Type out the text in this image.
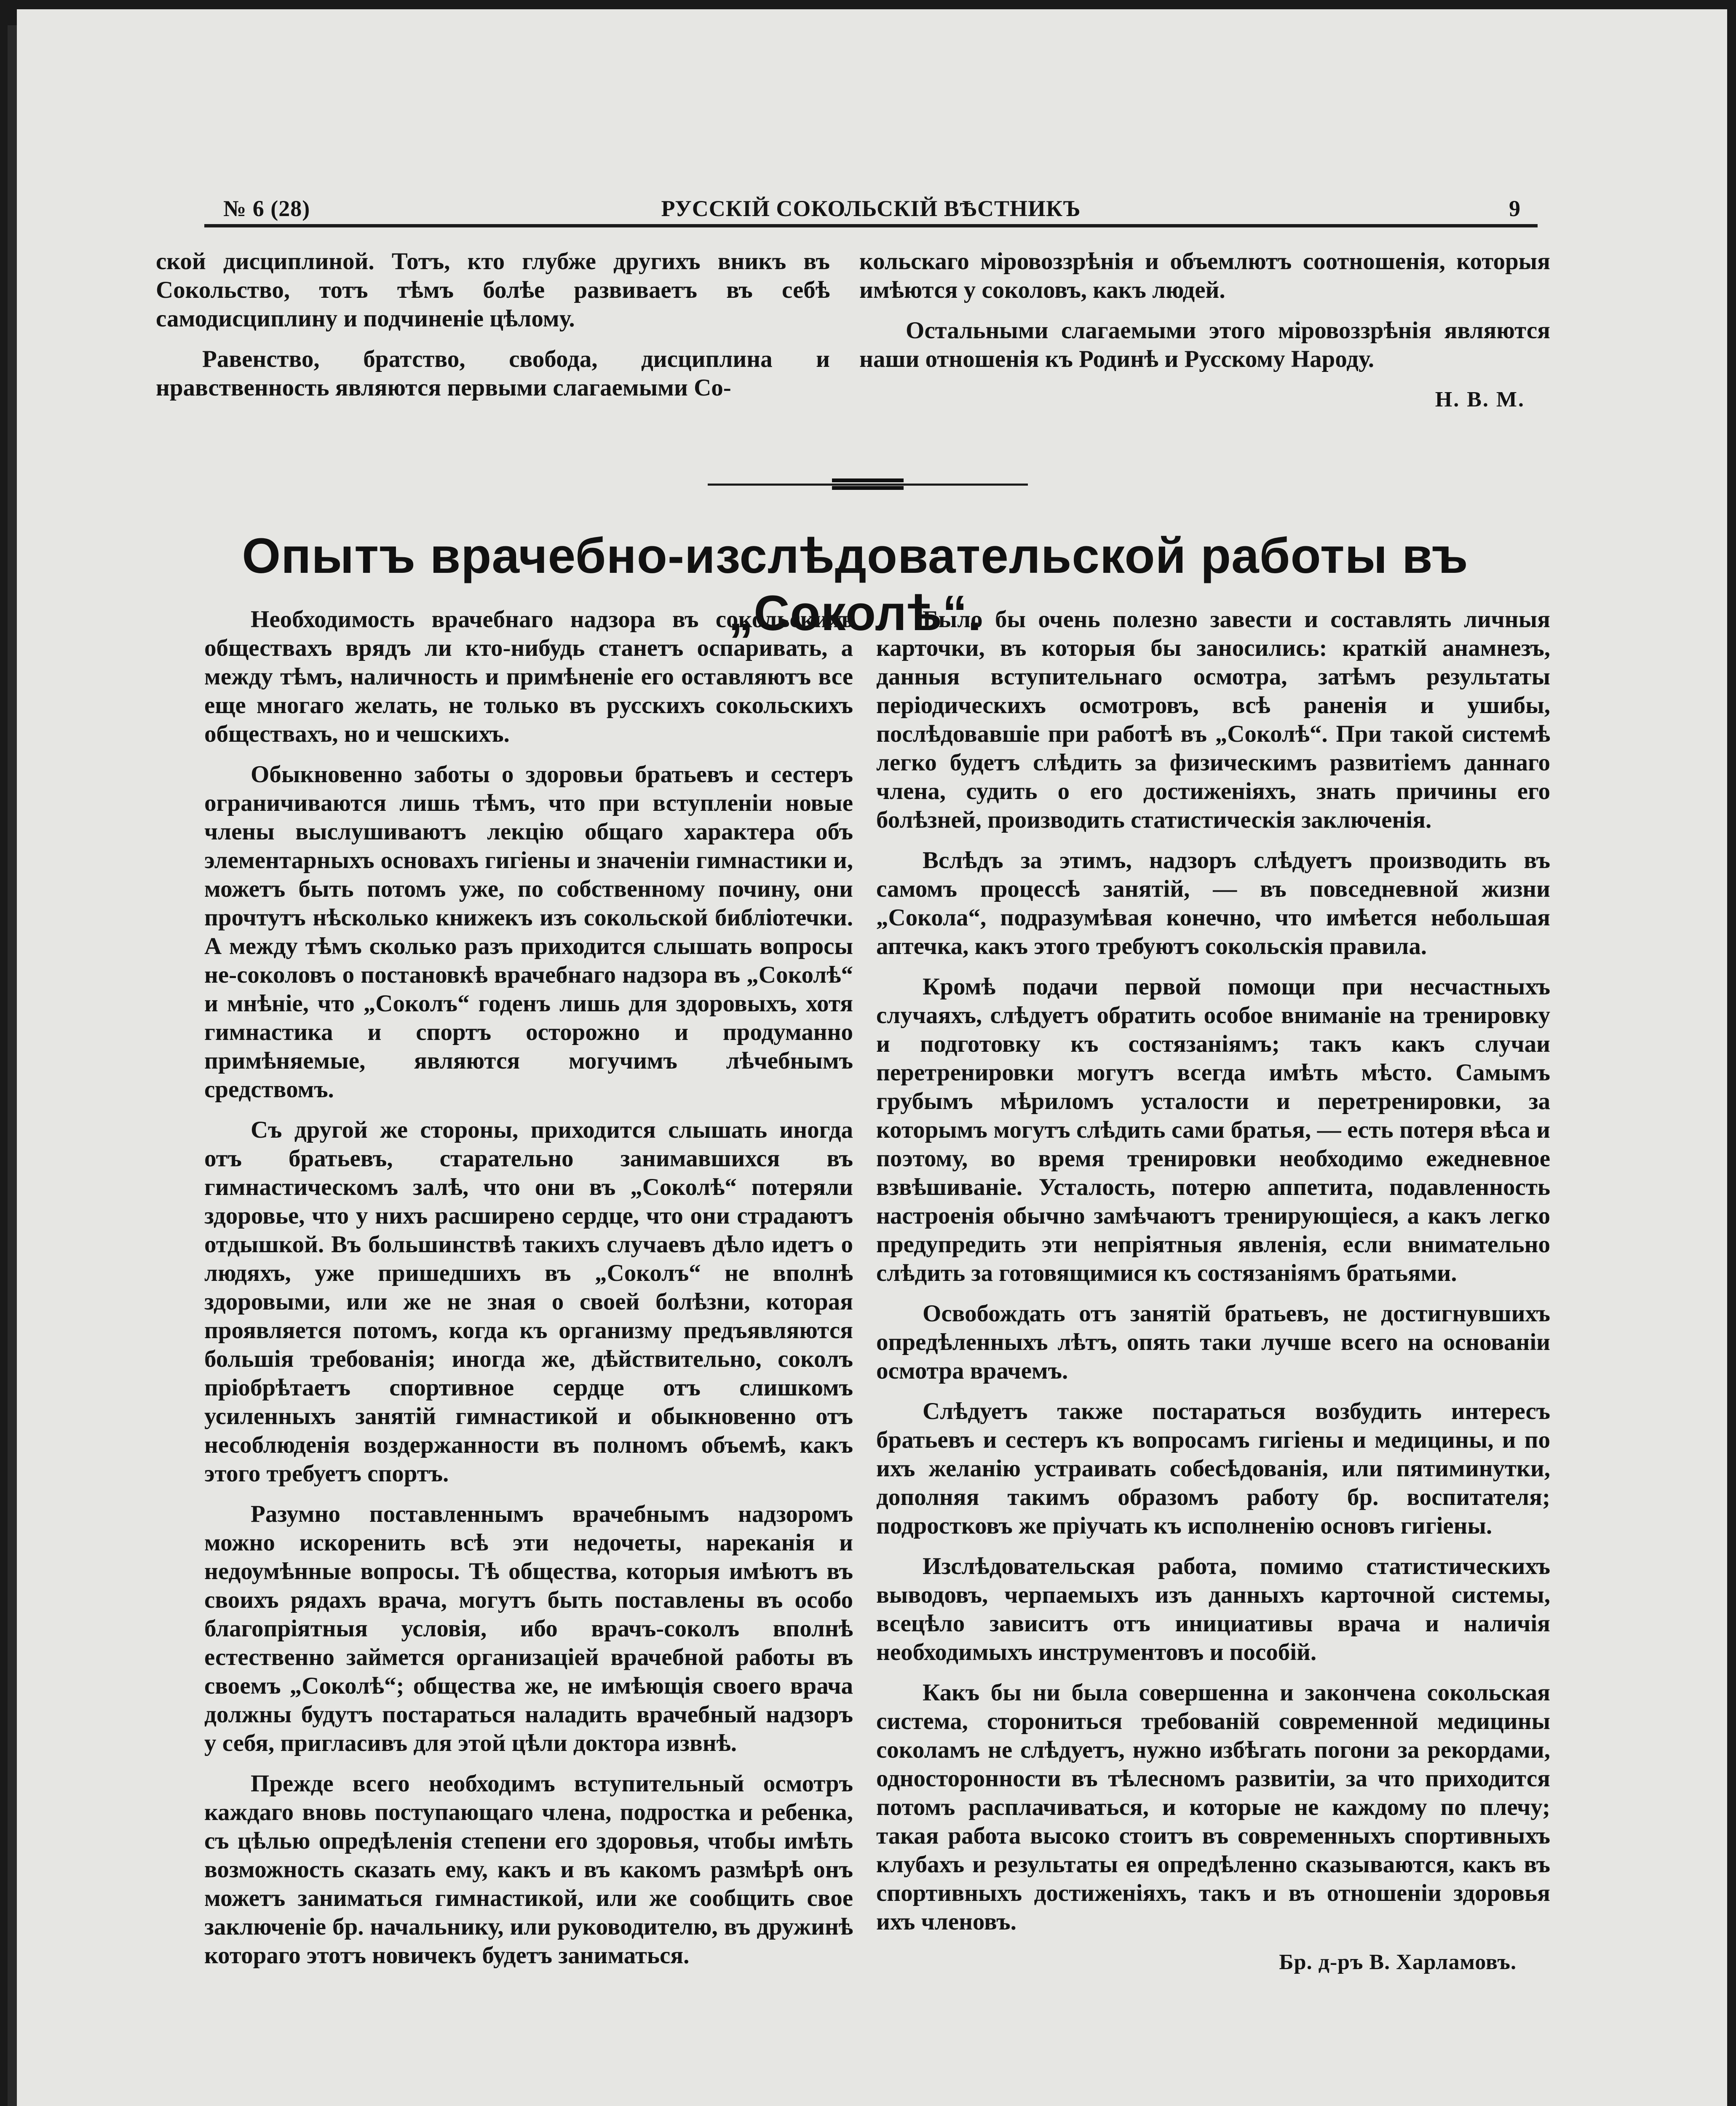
№ 6 (28)	РУССКIЙ СОКОЛЬСКIЙ ВѢСТНИКЪ	9

ской дисциплиной. Тотъ, кто глубже другихъ вникъ въ Сокольство, тотъ тѣмъ болѣе развиваетъ въ себѣ самодисциплину и подчиненiе цѣлому.

Равенство, братство, свобода, дисциплина и нравственность являются первыми слагаемыми Со-

кольскаго мiровоззрѣнiя и объемлютъ соотношенiя, которыя имѣются у соколовъ, какъ людей.

Остальными слагаемыми этого мiровоззрѣнiя являются наши отношенiя къ Родинѣ и Русскому Народу.

Н. В. М.
Опытъ врачебно-изслѣдовательской работы въ „Соколѣ“.

Необходимость врачебнаго надзора въ сокольскихъ обществахъ врядъ ли кто-нибудь станетъ оспаривать, а между тѣмъ, наличность и примѣненiе его оставляютъ все еще многаго желать, не только въ русскихъ сокольскихъ обществахъ, но и чешскихъ.

Обыкновенно заботы о здоровьи братьевъ и сестеръ ограничиваются лишь тѣмъ, что при вступленiи новые члены выслушиваютъ лекцiю общаго характера объ элементарныхъ основахъ гигiены и значенiи гимнастики и, можетъ быть потомъ уже, по собственному почину, они прочтутъ нѣсколько книжекъ изъ сокольской библiотечки. А между тѣмъ сколько разъ приходится слышать вопросы не-соколовъ о постановкѣ врачебнаго надзора въ „Соколѣ“ и мнѣнiе, что „Соколъ“ годенъ лишь для здоровыхъ, хотя гимнастика и спортъ осторожно и продуманно примѣняемые, являются могучимъ лѣчебнымъ средствомъ.

Съ другой же стороны, приходится слышать иногда отъ братьевъ, старательно занимавшихся въ гимнастическомъ залѣ, что они въ „Соколѣ“ потеряли здоровье, что у нихъ расширено сердце, что они страдаютъ отдышкой. Въ большинствѣ такихъ случаевъ дѣло идетъ о людяхъ, уже пришедшихъ въ „Соколъ“ не вполнѣ здоровыми, или же не зная о своей болѣзни, которая проявляется потомъ, когда къ организму предъявляются большiя требованiя; иногда же, дѣйствительно, соколъ прiобрѣтаетъ спортивное сердце отъ слишкомъ усиленныхъ занятiй гимнастикой и обыкновенно отъ несоблюденiя воздержанности въ полномъ объемѣ, какъ этого требуетъ спортъ.

Разумно поставленнымъ врачебнымъ надзоромъ можно искоренить всѣ эти недочеты, нареканiя и недоумѣнные вопросы. Тѣ общества, которыя имѣютъ въ своихъ рядахъ врача, могутъ быть поставлены въ особо благопрiятныя условiя, ибо врачъ-соколъ вполнѣ естественно займется организацiей врачебной работы въ своемъ „Соколѣ“; общества же, не имѣющiя своего врача должны будутъ постараться наладить врачебный надзоръ у себя, пригласивъ для этой цѣли доктора извнѣ.

Прежде всего необходимъ вступительный осмотръ каждаго вновь поступающаго члена, подростка и ребенка, съ цѣлью опредѣленiя степени его здоровья, чтобы имѣть возможность сказать ему, какъ и въ какомъ размѣрѣ онъ можетъ заниматься гимнастикой, или же сообщить свое заключенiе бр. начальнику, или руководителю, въ дружинѣ котораго этотъ новичекъ будетъ заниматься.

Было бы очень полезно завести и составлять личныя карточки, въ которыя бы заносились: краткiй анамнезъ, данныя вступительнаго осмотра, затѣмъ результаты перiодическихъ осмотровъ, всѣ раненiя и ушибы, послѣдовавшiе при работѣ въ „Соколѣ“. При такой системѣ легко будетъ слѣдить за физическимъ развитiемъ даннаго члена, судить о его достиженiяхъ, знать причины его болѣзней, производить статистическiя заключенiя.

Вслѣдъ за этимъ, надзоръ слѣдуетъ производить въ самомъ процессѣ занятiй, — въ повседневной жизни „Сокола“, подразумѣвая конечно, что имѣется небольшая аптечка, какъ этого требуютъ сокольскiя правила.

Кромѣ подачи первой помощи при несчастныхъ случаяхъ, слѣдуетъ обратить особое вниманiе на тренировку и подготовку къ состязанiямъ; такъ какъ случаи перетренировки могутъ всегда имѣть мѣсто. Самымъ грубымъ мѣриломъ усталости и перетренировки, за которымъ могутъ слѣдить сами братья, — есть потеря вѣса и поэтому, во время тренировки необходимо ежедневное взвѣшиванiе. Усталость, потерю аппетита, подавленность настроенiя обычно замѣчаютъ тренирующiеся, а какъ легко предупредить эти непрiятныя явленiя, если внимательно слѣдить за готовящимися къ состязанiямъ братьями.

Освобождать отъ занятiй братьевъ, не достигнувшихъ опредѣленныхъ лѣтъ, опять таки лучше всего на основанiи осмотра врачемъ.

Слѣдуетъ также постараться возбудить интересъ братьевъ и сестеръ къ вопросамъ гигiены и медицины, и по ихъ желанiю устраивать собесѣдованiя, или пятиминутки, дополняя такимъ образомъ работу бр. воспитателя; подростковъ же прiучать къ исполненiю основъ гигiены.

Изслѣдовательская работа, помимо статистическихъ выводовъ, черпаемыхъ изъ данныхъ карточной системы, всецѣло зависитъ отъ инициативы врача и наличiя необходимыхъ инструментовъ и пособiй.

Какъ бы ни была совершенна и закончена сокольская система, сторониться требованiй современной медицины соколамъ не слѣдуетъ, нужно избѣгать погони за рекордами, односторонности въ тѣлесномъ развитiи, за что приходится потомъ расплачиваться, и которые не каждому по плечу; такая работа высоко стоитъ въ современныхъ спортивныхъ клубахъ и результаты ея опредѣленно сказываются, какъ въ спортивныхъ достиженiяхъ, такъ и въ отношенiи здоровья ихъ членовъ.

Бр. д-ръ В. Харламовъ.
